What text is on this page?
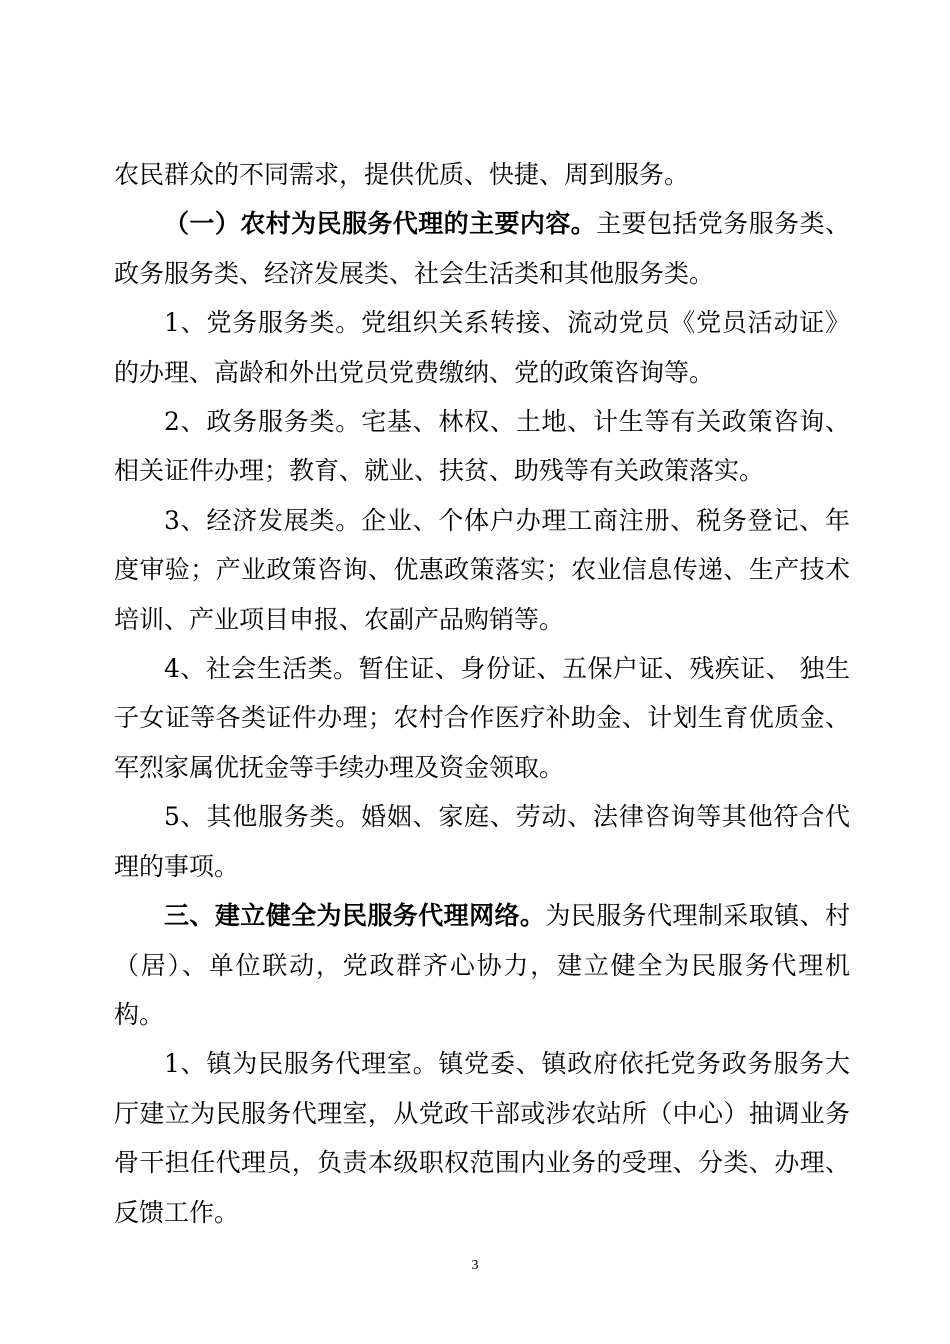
农民群众的不同需求，提供优质、快捷、周到服务。

（一）农村为民服务代理的主要内容。主要包括党务服务类、政务服务类、经济发展类、社会生活类和其他服务类。

1、党务服务类。党组织关系转接、流动党员《党员活动证》的办理、高龄和外出党员党费缴纳、党的政策咨询等。

2、政务服务类。宅基、林权、土地、计生等有关政策咨询、相关证件办理；教育、就业、扶贫、助残等有关政策落实。

3、经济发展类。企业、个体户办理工商注册、税务登记、年度审验；产业政策咨询、优惠政策落实；农业信息传递、生产技术培训、产业项目申报、农副产品购销等。

4、社会生活类。暂住证、身份证、五保户证、残疾证、 独生子女证等各类证件办理；农村合作医疗补助金、计划生育优质金、军烈家属优抚金等手续办理及资金领取。

5、其他服务类。婚姻、家庭、劳动、法律咨询等其他符合代理的事项。

三、建立健全为民服务代理网络。为民服务代理制采取镇、村（居）、单位联动，党政群齐心协力，建立健全为民服务代理机构。

1、镇为民服务代理室。镇党委、镇政府依托党务政务服务大厅建立为民服务代理室，从党政干部或涉农站所（中心）抽调业务骨干担任代理员，负责本级职权范围内业务的受理、分类、办理、反馈工作。

3
